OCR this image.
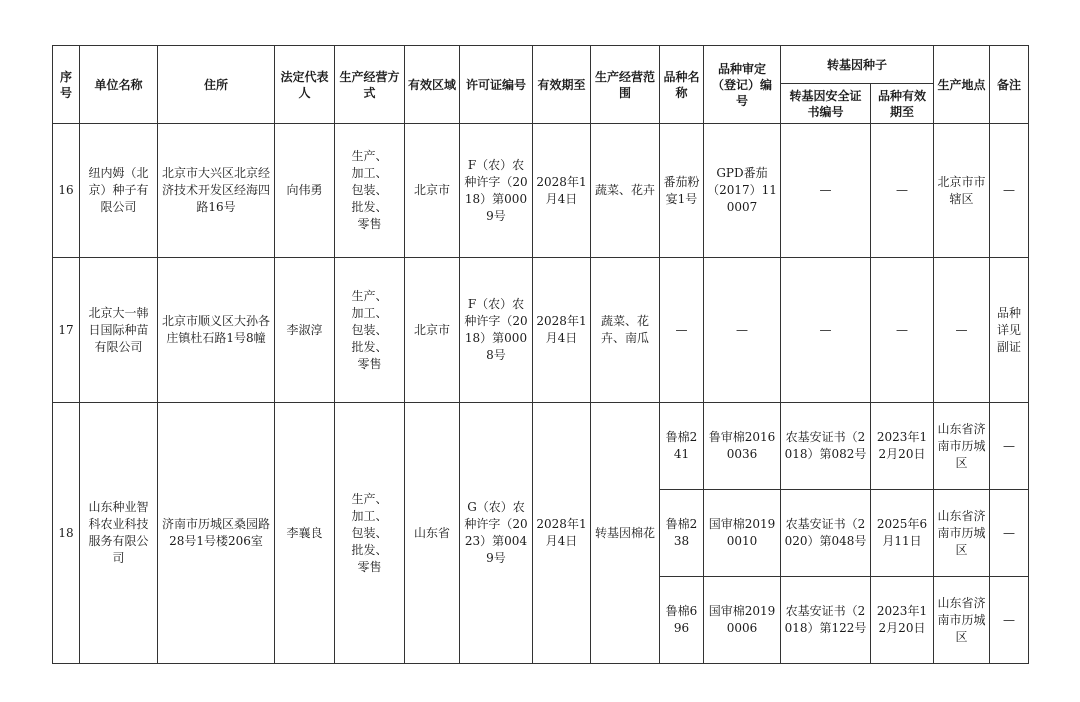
序号	单位名称	住所	法定代表人	生产经营方式	有效区域	许可证编号	有效期至	生产经营范围	品种名称	品种审定（登记）编号	转基因种子		生产地点	备注
											转基因安全证书编号	品种有效期至		
16	纽内姆（北京）种子有限公司	北京市大兴区北京经济技术开发区经海四路16号	向伟勇	生产、
加工、
包装、
批发、
零售	北京市	F（农）农种许字（2018）第0009号	2028年1月4日	蔬菜、花卉	番茄粉宴1号	GPD番茄（2017）110007	—	—	北京市市辖区	—
17	北京大一韩日国际种苗有限公司	北京市顺义区大孙各庄镇杜石路1号8幢	李淑淳	生产、
加工、
包装、
批发、
零售	北京市	F（农）农种许字（2018）第0008号	2028年1月4日	蔬菜、花卉、南瓜	—	—	—	—	—	品种详见副证
18	山东种业智科农业科技服务有限公司	济南市历城区桑园路28号1号楼206室	李襄良	生产、
加工、
包装、
批发、
零售	山东省	G（农）农种许字（2023）第0049号	2028年1月4日	转基因棉花	鲁棉241	鲁审棉20160036	农基安证书（2018）第082号	2023年12月20日	山东省济南市历城区	—
									鲁棉238	国审棉20190010	农基安证书（2020）第048号	2025年6月11日	山东省济南市历城区	—
									鲁棉696	国审棉20190006	农基安证书（2018）第122号	2023年12月20日	山东省济南市历城区	—
